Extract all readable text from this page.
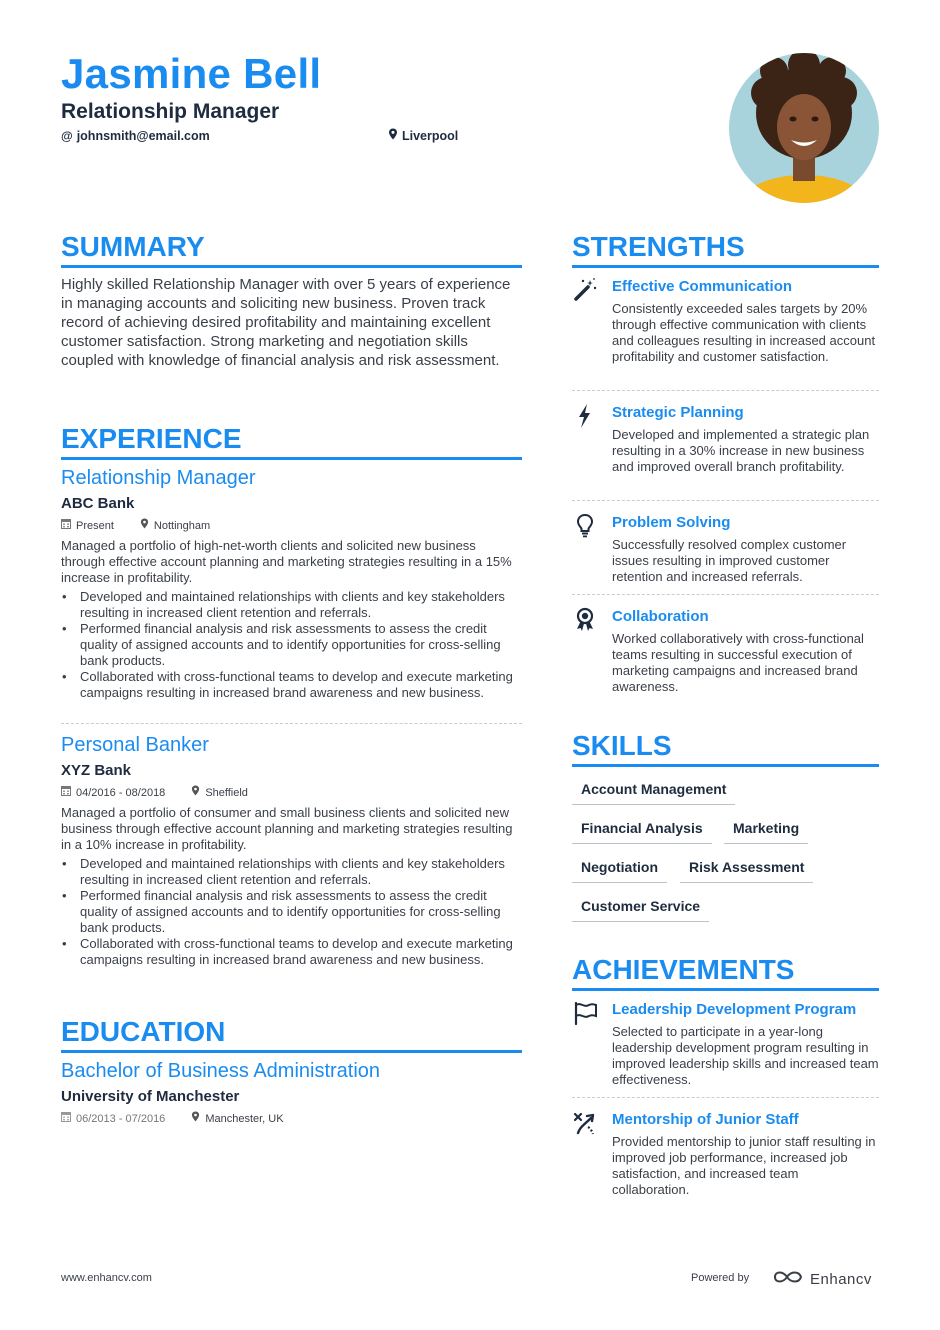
Jasmine Bell
Relationship Manager
@ johnsmith@email.com	Liverpool
SUMMARY
Highly skilled Relationship Manager with over 5 years of experience in managing accounts and soliciting new business. Proven track record of achieving desired profitability and maintaining excellent customer satisfaction. Strong marketing and negotiation skills coupled with knowledge of financial analysis and risk assessment.
EXPERIENCE
Relationship Manager
ABC Bank
Present	Nottingham
Managed a portfolio of high-net-worth clients and solicited new business through effective account planning and marketing strategies resulting in a 15% increase in profitability.
• Developed and maintained relationships with clients and key stakeholders resulting in increased client retention and referrals.
• Performed financial analysis and risk assessments to assess the credit quality of assigned accounts and to identify opportunities for cross-selling bank products.
• Collaborated with cross-functional teams to develop and execute marketing campaigns resulting in increased brand awareness and new business.
Personal Banker
XYZ Bank
04/2016 - 08/2018	Sheffield
Managed a portfolio of consumer and small business clients and solicited new business through effective account planning and marketing strategies resulting in a 10% increase in profitability.
• Developed and maintained relationships with clients and key stakeholders resulting in increased client retention and referrals.
• Performed financial analysis and risk assessments to assess the credit quality of assigned accounts and to identify opportunities for cross-selling bank products.
• Collaborated with cross-functional teams to develop and execute marketing campaigns resulting in increased brand awareness and new business.
EDUCATION
Bachelor of Business Administration
University of Manchester
06/2013 - 07/2016	Manchester, UK
STRENGTHS
Effective Communication
Consistently exceeded sales targets by 20% through effective communication with clients and colleagues resulting in increased account profitability and customer satisfaction.
Strategic Planning
Developed and implemented a strategic plan resulting in a 30% increase in new business and improved overall branch profitability.
Problem Solving
Successfully resolved complex customer issues resulting in improved customer retention and increased referrals.
Collaboration
Worked collaboratively with cross-functional teams resulting in successful execution of marketing campaigns and increased brand awareness.
SKILLS
Account Management
Financial Analysis	Marketing
Negotiation	Risk Assessment
Customer Service
ACHIEVEMENTS
Leadership Development Program
Selected to participate in a year-long leadership development program resulting in improved leadership skills and increased team effectiveness.
Mentorship of Junior Staff
Provided mentorship to junior staff resulting in improved job performance, increased job satisfaction, and increased team collaboration.
www.enhancv.com	Powered by	Enhancv
